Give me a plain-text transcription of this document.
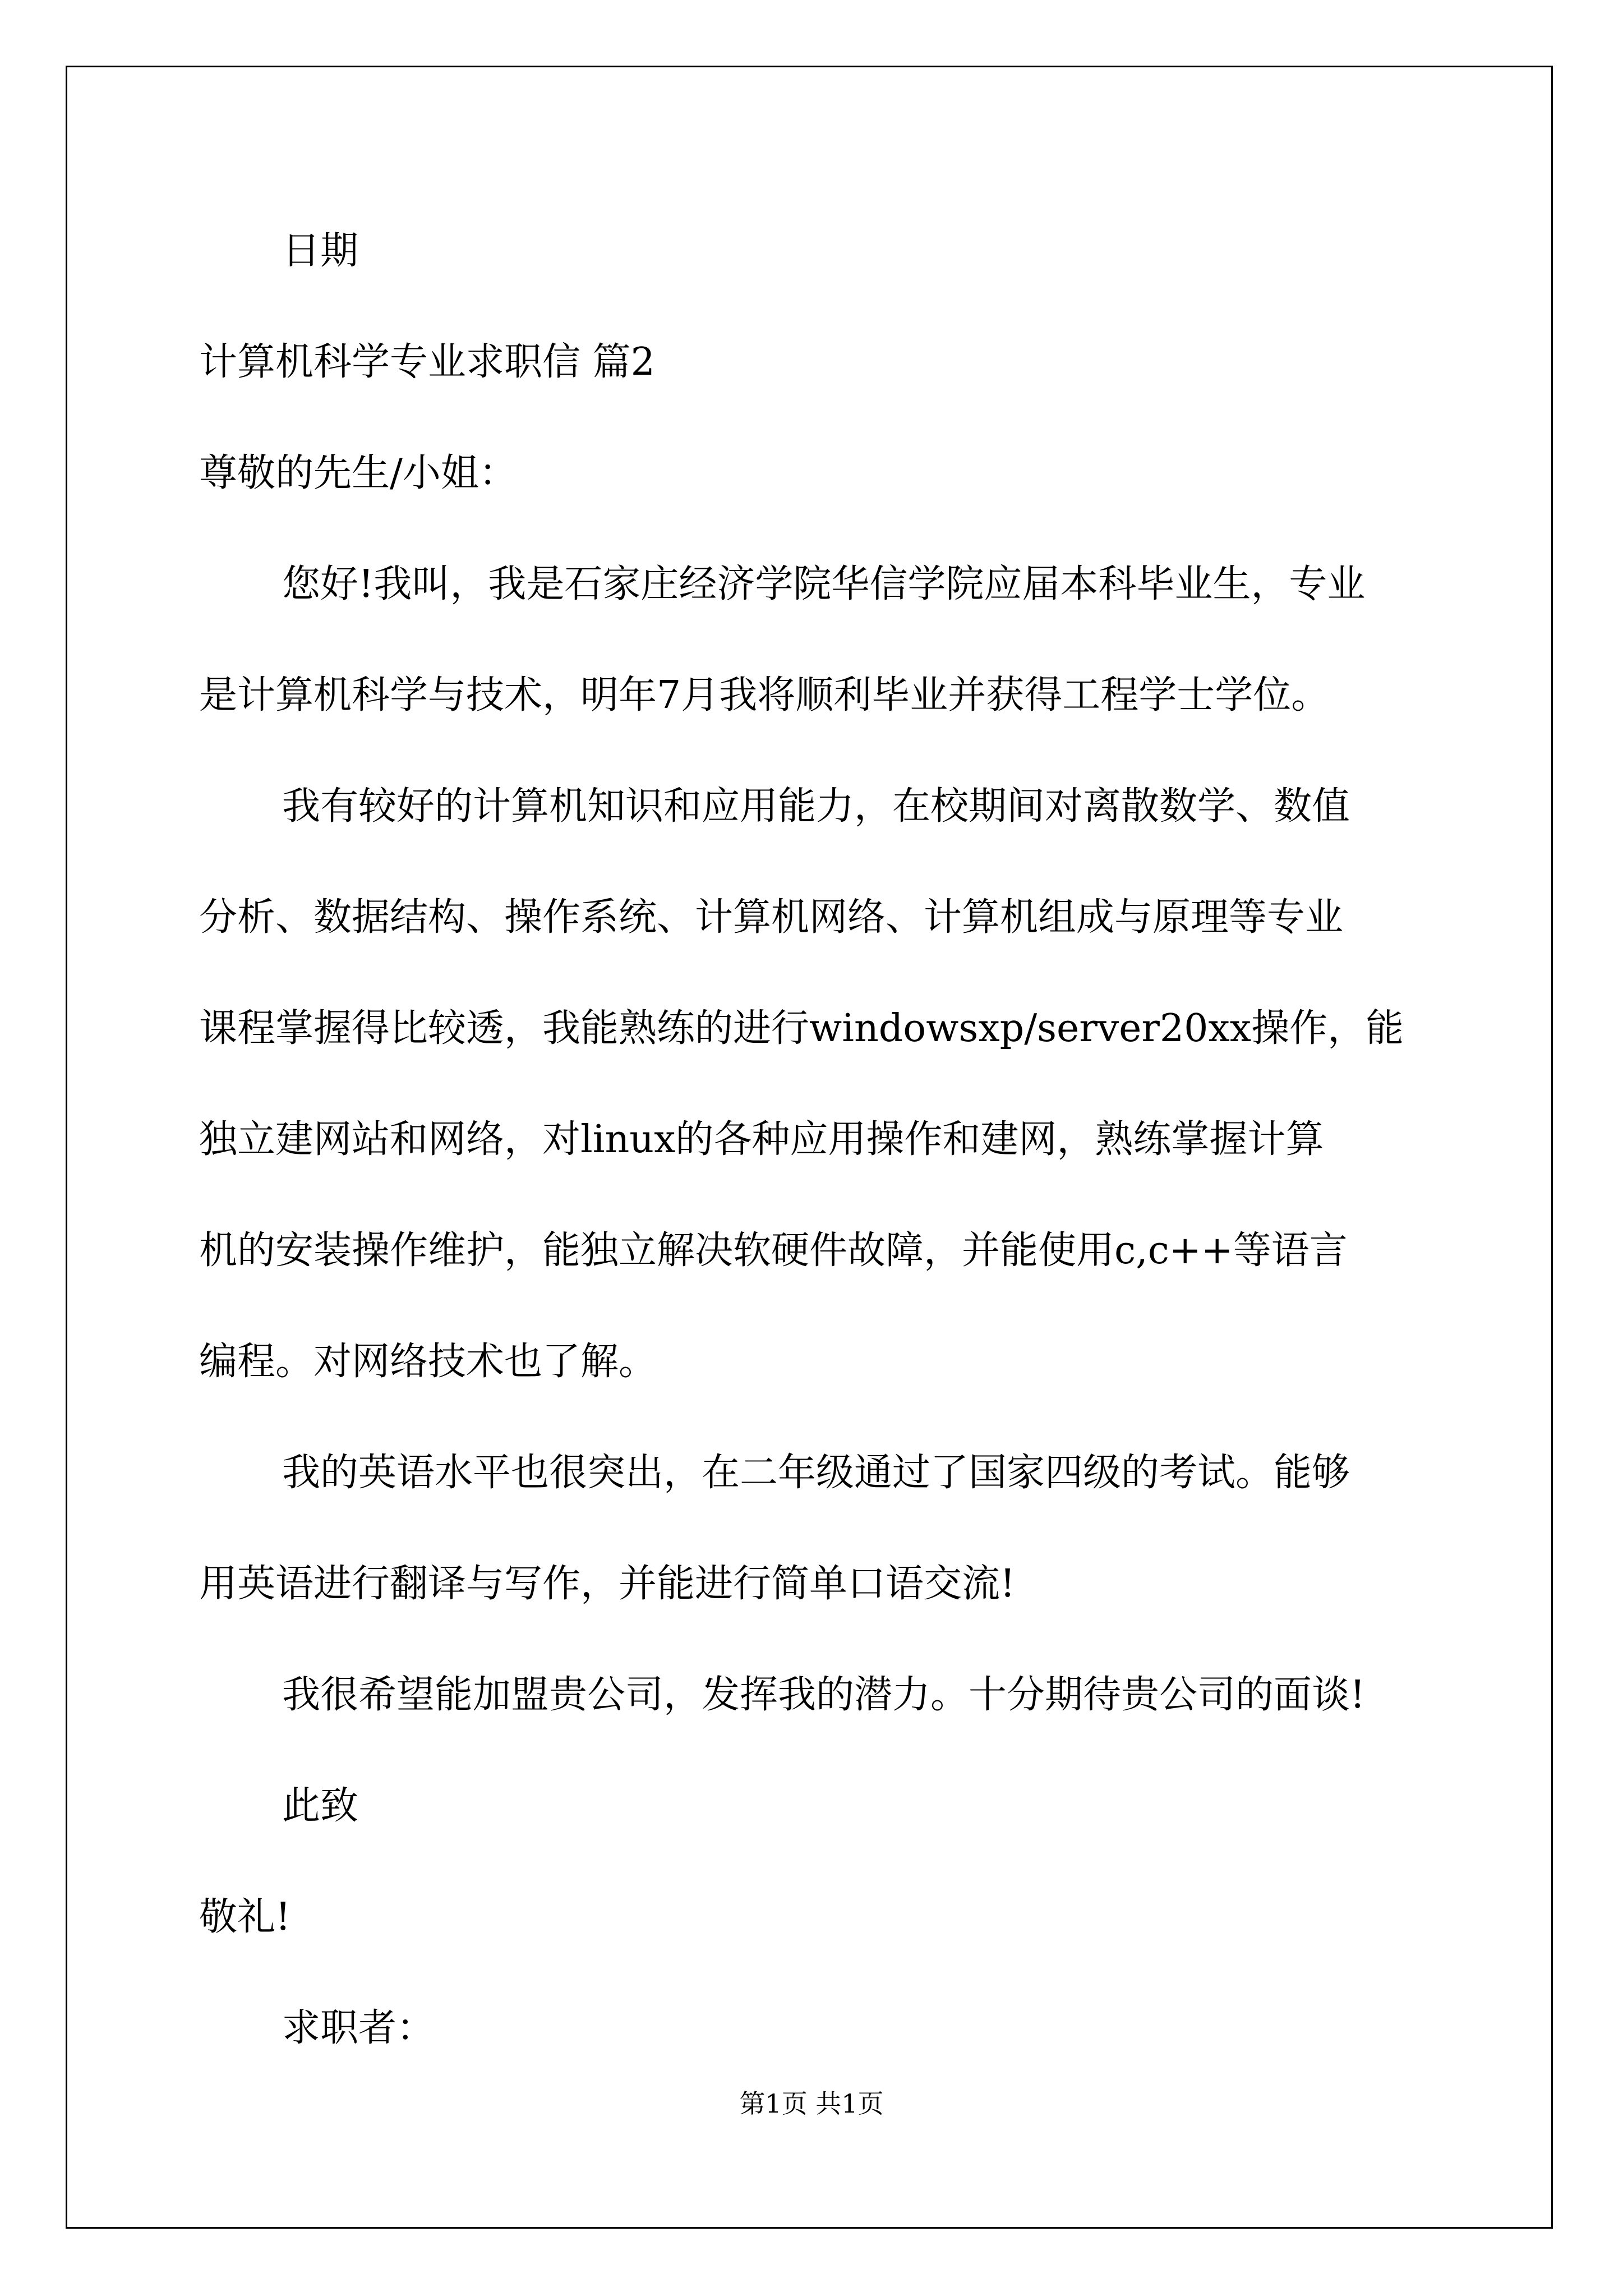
日期
计算机科学专业求职信 篇2
尊敬的先生/小姐：
您好!我叫，我是石家庄经济学院华信学院应届本科毕业生，专业
是计算机科学与技术，明年7月我将顺利毕业并获得工程学士学位。
我有较好的计算机知识和应用能力，在校期间对离散数学、数值
分析、数据结构、操作系统、计算机网络、计算机组成与原理等专业
课程掌握得比较透，我能熟练的进行windowsxp/server20xx操作，能
独立建网站和网络，对linux的各种应用操作和建网，熟练掌握计算
机的安装操作维护，能独立解决软硬件故障，并能使用c,c++等语言
编程。对网络技术也了解。
我的英语水平也很突出，在二年级通过了国家四级的考试。能够
用英语进行翻译与写作，并能进行简单口语交流!
我很希望能加盟贵公司，发挥我的潜力。十分期待贵公司的面谈!
此致
敬礼!
求职者：
第1页 共1页
